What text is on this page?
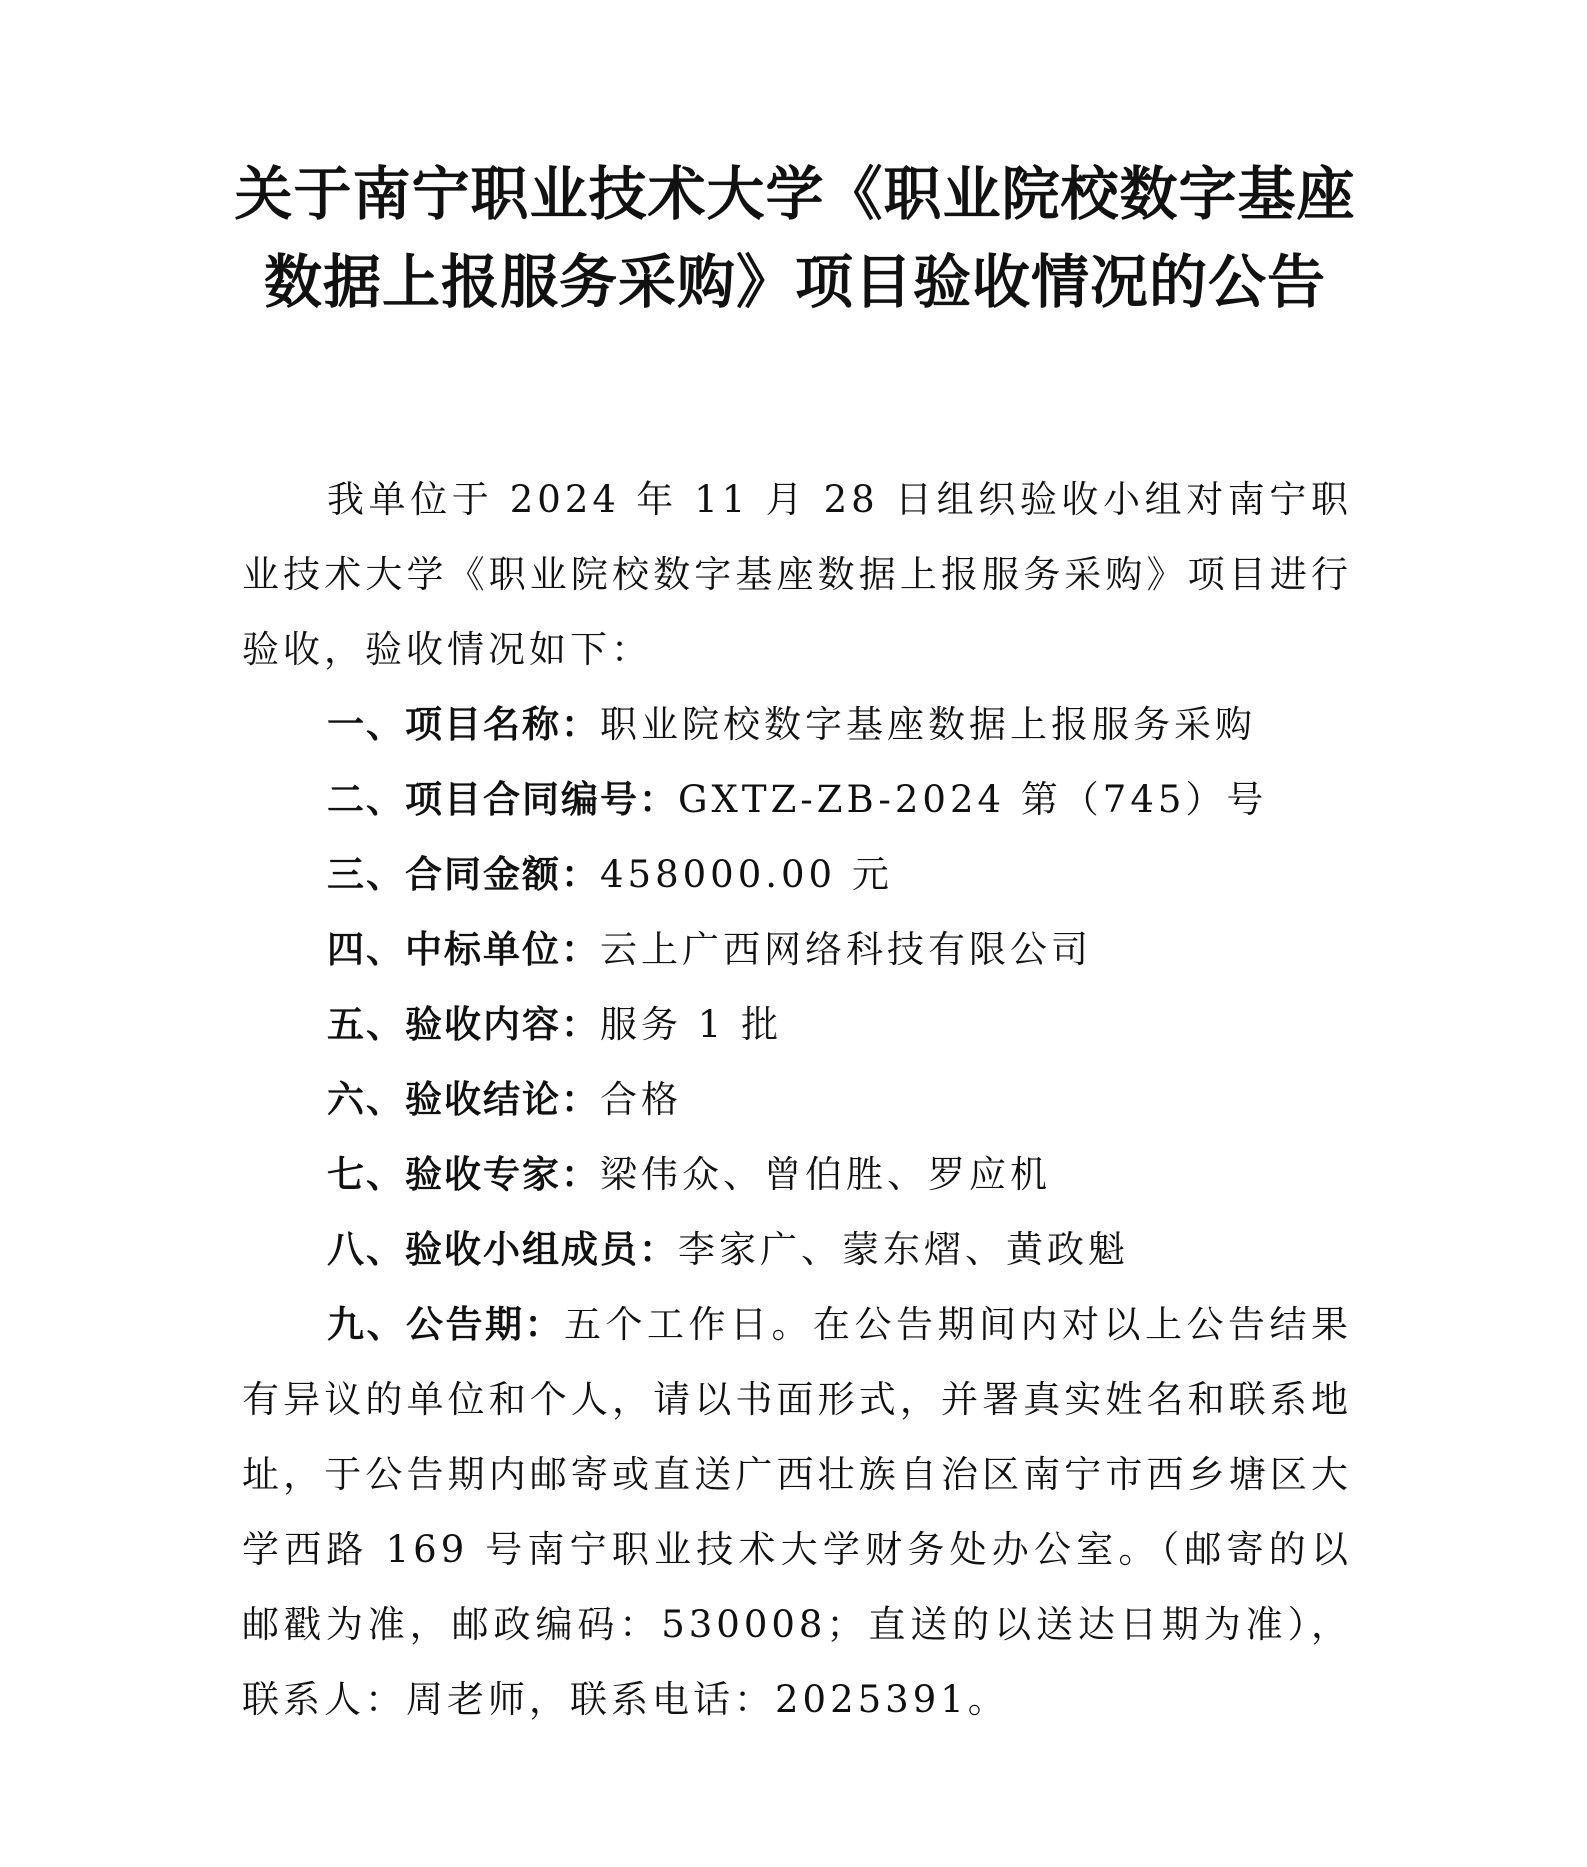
关于南宁职业技术大学《职业院校数字基座
数据上报服务采购》项目验收情况的公告

我单位于 2024 年 11 月 28 日组织验收小组对南宁职业技术大学《职业院校数字基座数据上报服务采购》项目进行验收，验收情况如下：

一、项目名称：职业院校数字基座数据上报服务采购

二、项目合同编号：GXTZ-ZB-2024 第（745）号

三、合同金额：458000.00 元

四、中标单位：云上广西网络科技有限公司

五、验收内容：服务 1 批

六、验收结论：合格

七、验收专家：梁伟众、曾伯胜、罗应机

八、验收小组成员：李家广、蒙东熠、黄政魁

九、公告期：五个工作日。在公告期间内对以上公告结果有异议的单位和个人，请以书面形式，并署真实姓名和联系地址，于公告期内邮寄或直送广西壮族自治区南宁市西乡塘区大学西路 169 号南宁职业技术大学财务处办公室。（邮寄的以邮戳为准，邮政编码：530008；直送的以送达日期为准），联系人：周老师，联系电话：2025391。
